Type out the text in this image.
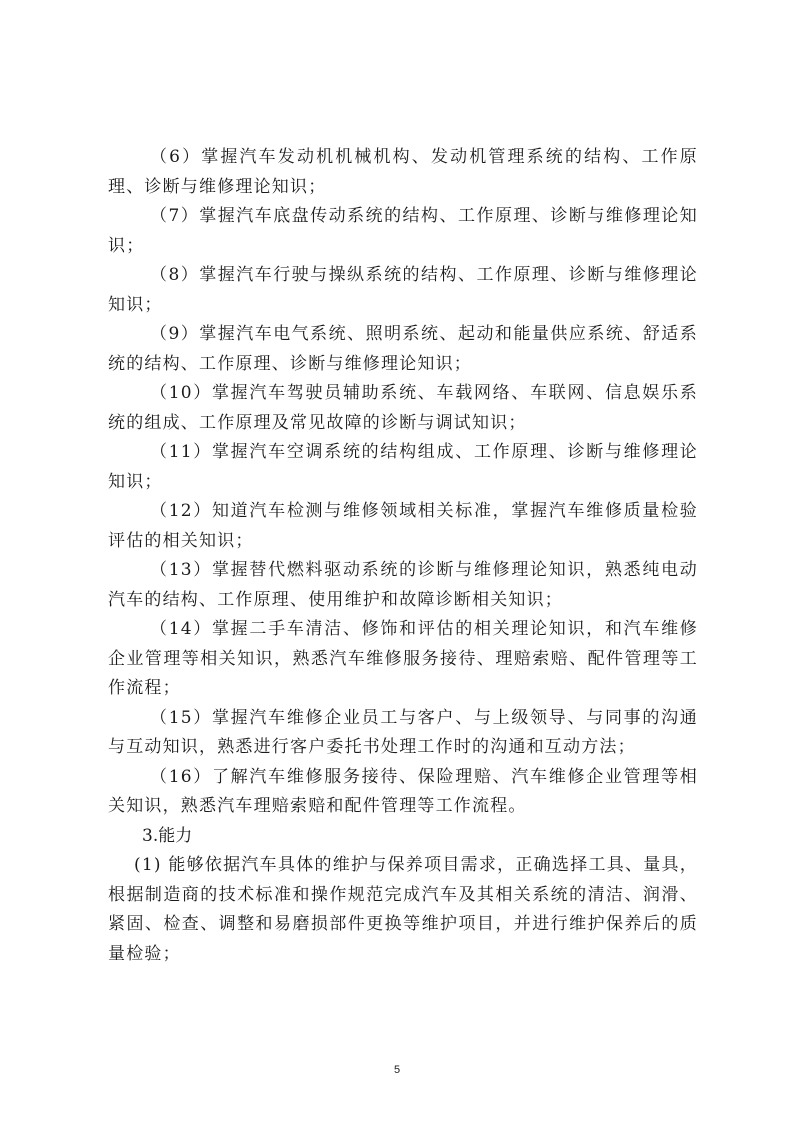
（6）掌握汽车发动机机械机构、发动机管理系统的结构、工作原理、诊断与维修理论知识；

（7）掌握汽车底盘传动系统的结构、工作原理、诊断与维修理论知识；

（8）掌握汽车行驶与操纵系统的结构、工作原理、诊断与维修理论知识；

（9）掌握汽车电气系统、照明系统、起动和能量供应系统、舒适系统的结构、工作原理、诊断与维修理论知识；

（10）掌握汽车驾驶员辅助系统、车载网络、车联网、信息娱乐系统的组成、工作原理及常见故障的诊断与调试知识；

（11）掌握汽车空调系统的结构组成、工作原理、诊断与维修理论知识；

（12）知道汽车检测与维修领域相关标准，掌握汽车维修质量检验评估的相关知识；

（13）掌握替代燃料驱动系统的诊断与维修理论知识，熟悉纯电动汽车的结构、工作原理、使用维护和故障诊断相关知识；

（14）掌握二手车清洁、修饰和评估的相关理论知识，和汽车维修企业管理等相关知识，熟悉汽车维修服务接待、理赔索赔、配件管理等工作流程；

（15）掌握汽车维修企业员工与客户、与上级领导、与同事的沟通与互动知识，熟悉进行客户委托书处理工作时的沟通和互动方法；

（16）了解汽车维修服务接待、保险理赔、汽车维修企业管理等相关知识，熟悉汽车理赔索赔和配件管理等工作流程。

3.能力

(1) 能够依据汽车具体的维护与保养项目需求，正确选择工具、量具，根据制造商的技术标准和操作规范完成汽车及其相关系统的清洁、润滑、紧固、检查、调整和易磨损部件更换等维护项目，并进行维护保养后的质量检验；

5
